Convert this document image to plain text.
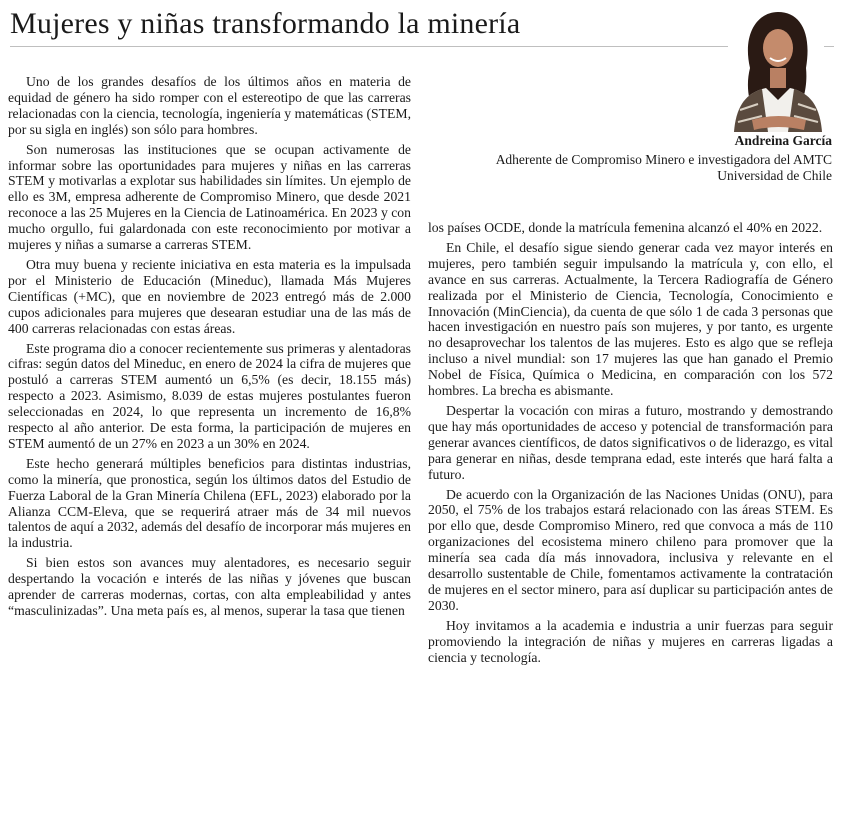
Mujeres y niñas transformando la minería

Uno de los grandes desafíos de los últimos años en materia de equidad de género ha sido romper con el estereotipo de que las carreras relacionadas con la ciencia, tecnología, ingeniería y matemáticas (STEM, por su sigla en inglés) son sólo para hombres.

Son numerosas las instituciones que se ocupan activamente de informar sobre las oportunidades para mujeres y niñas en las carreras STEM y motivarlas a explotar sus habilidades sin límites. Un ejemplo de ello es 3M, empresa adherente de Compromiso Minero, que desde 2021 reconoce a las 25 Mujeres en la Ciencia de Latinoamérica. En 2023 y con mucho orgullo, fui galardonada con este reconocimiento por motivar a mujeres y niñas a sumarse a carreras STEM.

Otra muy buena y reciente iniciativa en esta materia es la impulsada por el Ministerio de Educación (Mineduc), llamada Más Mujeres Científicas (+MC), que en noviembre de 2023 entregó más de 2.000 cupos adicionales para mujeres que desearan estudiar una de las más de 400 carreras relacionadas con estas áreas.

Este programa dio a conocer recientemente sus primeras y alentadoras cifras: según datos del Mineduc, en enero de 2024 la cifra de mujeres que postuló a carreras STEM aumentó un 6,5% (es decir, 18.155 más) respecto a 2023. Asimismo, 8.039 de estas mujeres postulantes fueron seleccionadas en 2024, lo que representa un incremento de 16,8% respecto al año anterior. De esta forma, la participación de mujeres en STEM aumentó de un 27% en 2023 a un 30% en 2024.

Este hecho generará múltiples beneficios para distintas industrias, como la minería, que pronostica, según los últimos datos del Estudio de Fuerza Laboral de la Gran Minería Chilena (EFL, 2023) elaborado por la Alianza CCM-Eleva, que se requerirá atraer más de 34 mil nuevos talentos de aquí a 2032, además del desafío de incorporar más mujeres en la industria.

Si bien estos son avances muy alentadores, es necesario seguir despertando la vocación e interés de las niñas y jóvenes que buscan aprender de carreras modernas, cortas, con alta empleabilidad y antes “masculinizadas”. Una meta país es, al menos, superar la tasa que tienen

Andreina García
Adherente de Compromiso Minero e investigadora del AMTC Universidad de Chile

los países OCDE, donde la matrícula femenina alcanzó el 40% en 2022.

En Chile, el desafío sigue siendo generar cada vez mayor interés en mujeres, pero también seguir impulsando la matrícula y, con ello, el avance en sus carreras. Actualmente, la Tercera Radiografía de Género realizada por el Ministerio de Ciencia, Tecnología, Conocimiento e Innovación (MinCiencia), da cuenta de que sólo 1 de cada 3 personas que hacen investigación en nuestro país son mujeres, y por tanto, es urgente no desaprovechar los talentos de las mujeres. Esto es algo que se refleja incluso a nivel mundial: son 17 mujeres las que han ganado el Premio Nobel de Física, Química o Medicina, en comparación con los 572 hombres. La brecha es abismante.

Despertar la vocación con miras a futuro, mostrando y demostrando que hay más oportunidades de acceso y potencial de transformación para generar avances científicos, de datos significativos o de liderazgo, es vital para generar en niñas, desde temprana edad, este interés que hará falta a futuro.

De acuerdo con la Organización de las Naciones Unidas (ONU), para 2050, el 75% de los trabajos estará relacionado con las áreas STEM. Es por ello que, desde Compromiso Minero, red que convoca a más de 110 organizaciones del ecosistema minero chileno para promover que la minería sea cada día más innovadora, inclusiva y relevante en el desarrollo sustentable de Chile, fomentamos activamente la contratación de mujeres en el sector minero, para así duplicar su participación antes de 2030.

Hoy invitamos a la academia e industria a unir fuerzas para seguir promoviendo la integración de niñas y mujeres en carreras ligadas a ciencia y tecnología.
